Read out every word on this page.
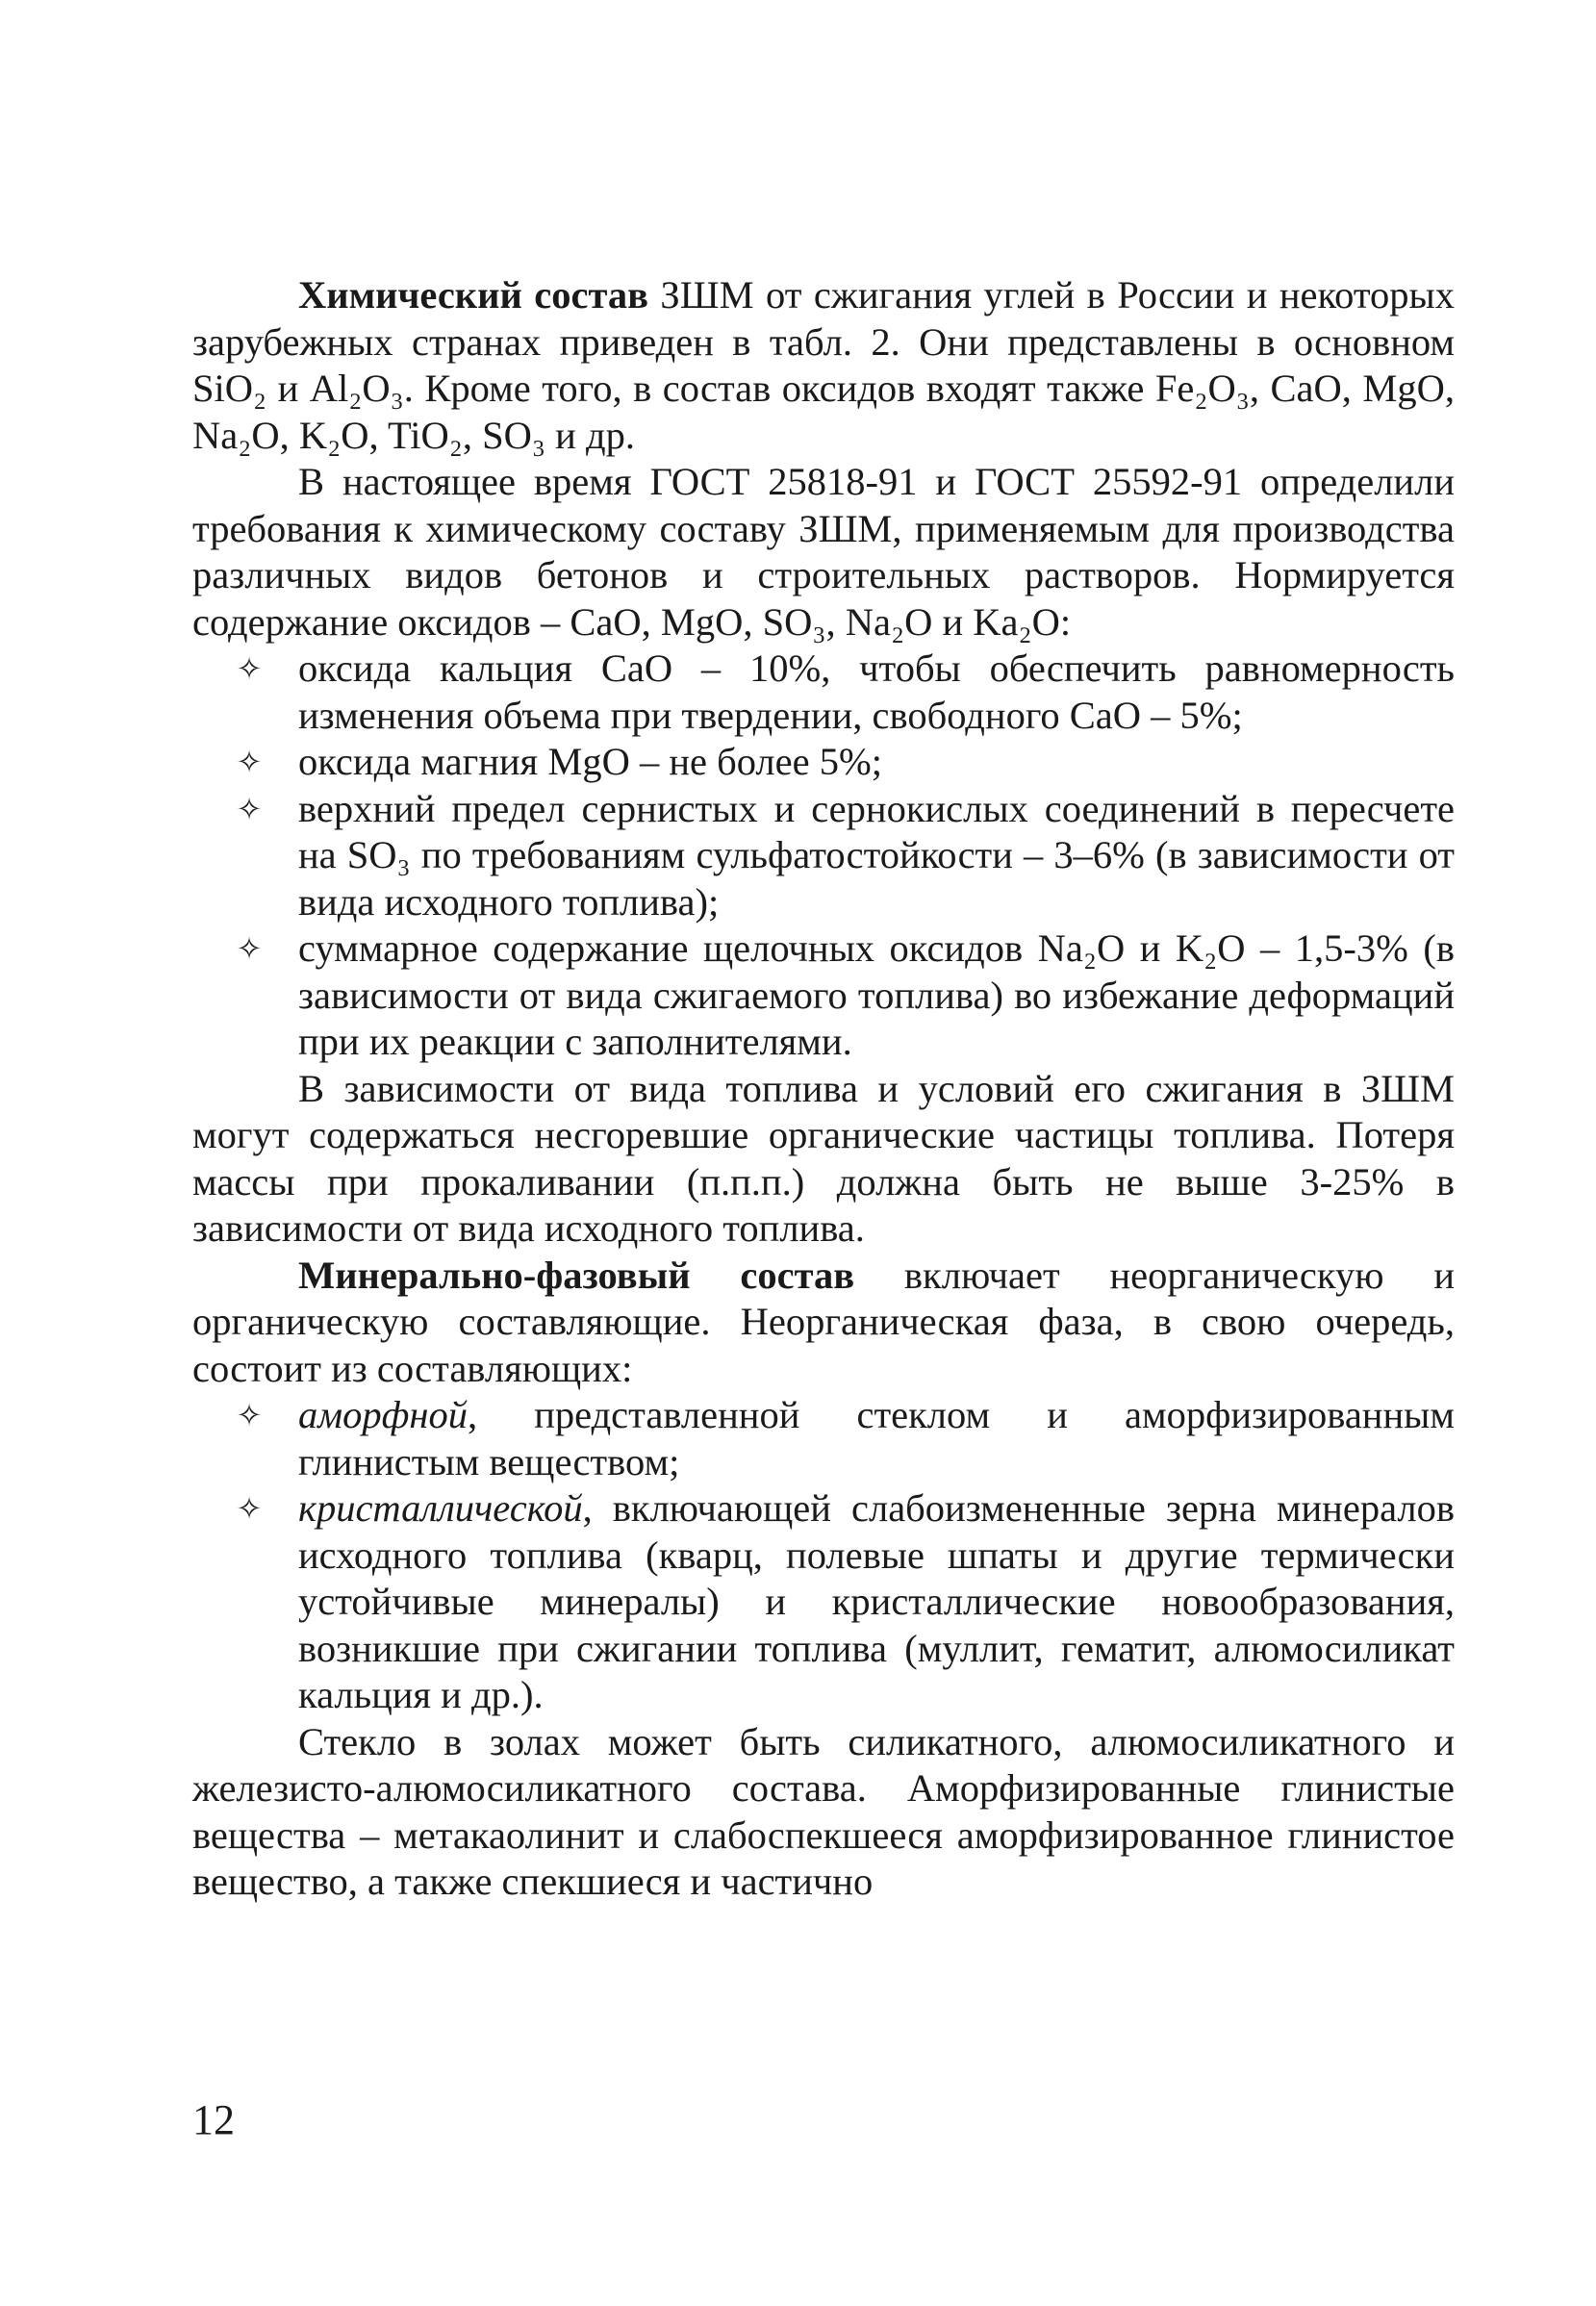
Химический состав ЗШМ от сжигания углей в России и некоторых зарубежных странах приведен в табл. 2. Они представлены в основном SiO₂ и Al₂O₃. Кроме того, в состав оксидов входят также Fe₂O₃, CaO, MgO, Na₂O, K₂O, TiO₂, SO₃ и др.

В настоящее время ГОСТ 25818-91 и ГОСТ 25592-91 определили требования к химическому составу ЗШМ, применяемым для производства различных видов бетонов и строительных растворов. Нормируется содержание оксидов – CaO, MgO, SO₃, Na₂O и Ka₂O:

✧ оксида кальция CaO – 10%, чтобы обеспечить равномерность изменения объема при твердении, свободного CaO – 5%;
✧ оксида магния MgO – не более 5%;
✧ верхний предел сернистых и сернокислых соединений в пересчете на SO₃ по требованиям сульфатостойкости – 3–6% (в зависимости от вида исходного топлива);
✧ суммарное содержание щелочных оксидов Na₂O и K₂O – 1,5-3% (в зависимости от вида сжигаемого топлива) во избежание деформаций при их реакции с заполнителями.

В зависимости от вида топлива и условий его сжигания в ЗШМ могут содержаться несгоревшие органические частицы топлива. Потеря массы при прокаливании (п.п.п.) должна быть не выше 3-25% в зависимости от вида исходного топлива.

Минерально-фазовый состав включает неорганическую и органическую составляющие. Неорганическая фаза, в свою очередь, состоит из составляющих:

✧ аморфной, представленной стеклом и аморфизированным глинистым веществом;
✧ кристаллической, включающей слабоизмененные зерна минералов исходного топлива (кварц, полевые шпаты и другие термически устойчивые минералы) и кристаллические новообразования, возникшие при сжигании топлива (муллит, гематит, алюмосиликат кальция и др.).

Стекло в золах может быть силикатного, алюмосиликатного и железисто-алюмосиликатного состава. Аморфизированные глинистые вещества – метакаолинит и слабоспекшееся аморфизированное глинистое вещество, а также спекшиеся и частично

12
